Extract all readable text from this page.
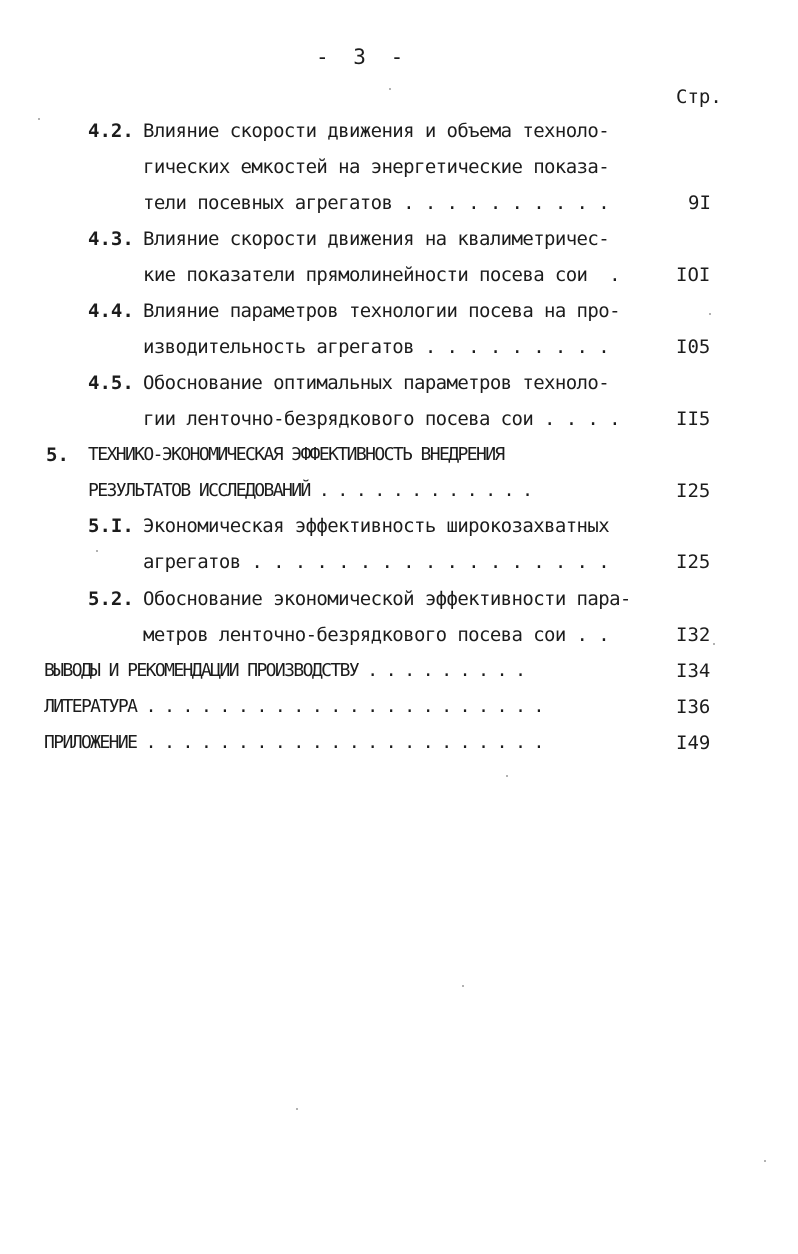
- 3 -
Стр.
4.2. Влияние скорости движения и объема техноло-
гических емкостей на энергетические показа-
тели посевных агрегатов . . . . . . . . . .	9I
4.3. Влияние скорости движения на квалиметричес-
кие показатели прямолинейности посева сои  .	IOI
4.4. Влияние параметров технологии посева на про-
изводительность агрегатов . . . . . . . . .	I05
4.5. Обоснование оптимальных параметров техноло-
гии ленточно-безрядкового посева сои . . . .	II5
5. ТЕХНИКО-ЭКОНОМИЧЕСКАЯ ЭФФЕКТИВНОСТЬ ВНЕДРЕНИЯ
РЕЗУЛЬТАТОВ ИССЛЕДОВАНИЙ . . . . . . . . . . . .	I25
5.I. Экономическая эффективность широкозахватных
агрегатов . . . . . . . . . . . . . . . . .	I25
5.2. Обоснование экономической эффективности пара-
метров ленточно-безрядкового посева сои . .	I32
ВЫВОДЫ И РЕКОМЕНДАЦИИ ПРОИЗВОДСТВУ . . . . . . . . .	I34
ЛИТЕРАТУРА . . . . . . . . . . . . . . . . . . . . . .	I36
ПРИЛОЖЕНИЕ . . . . . . . . . . . . . . . . . . . . . .	I49
